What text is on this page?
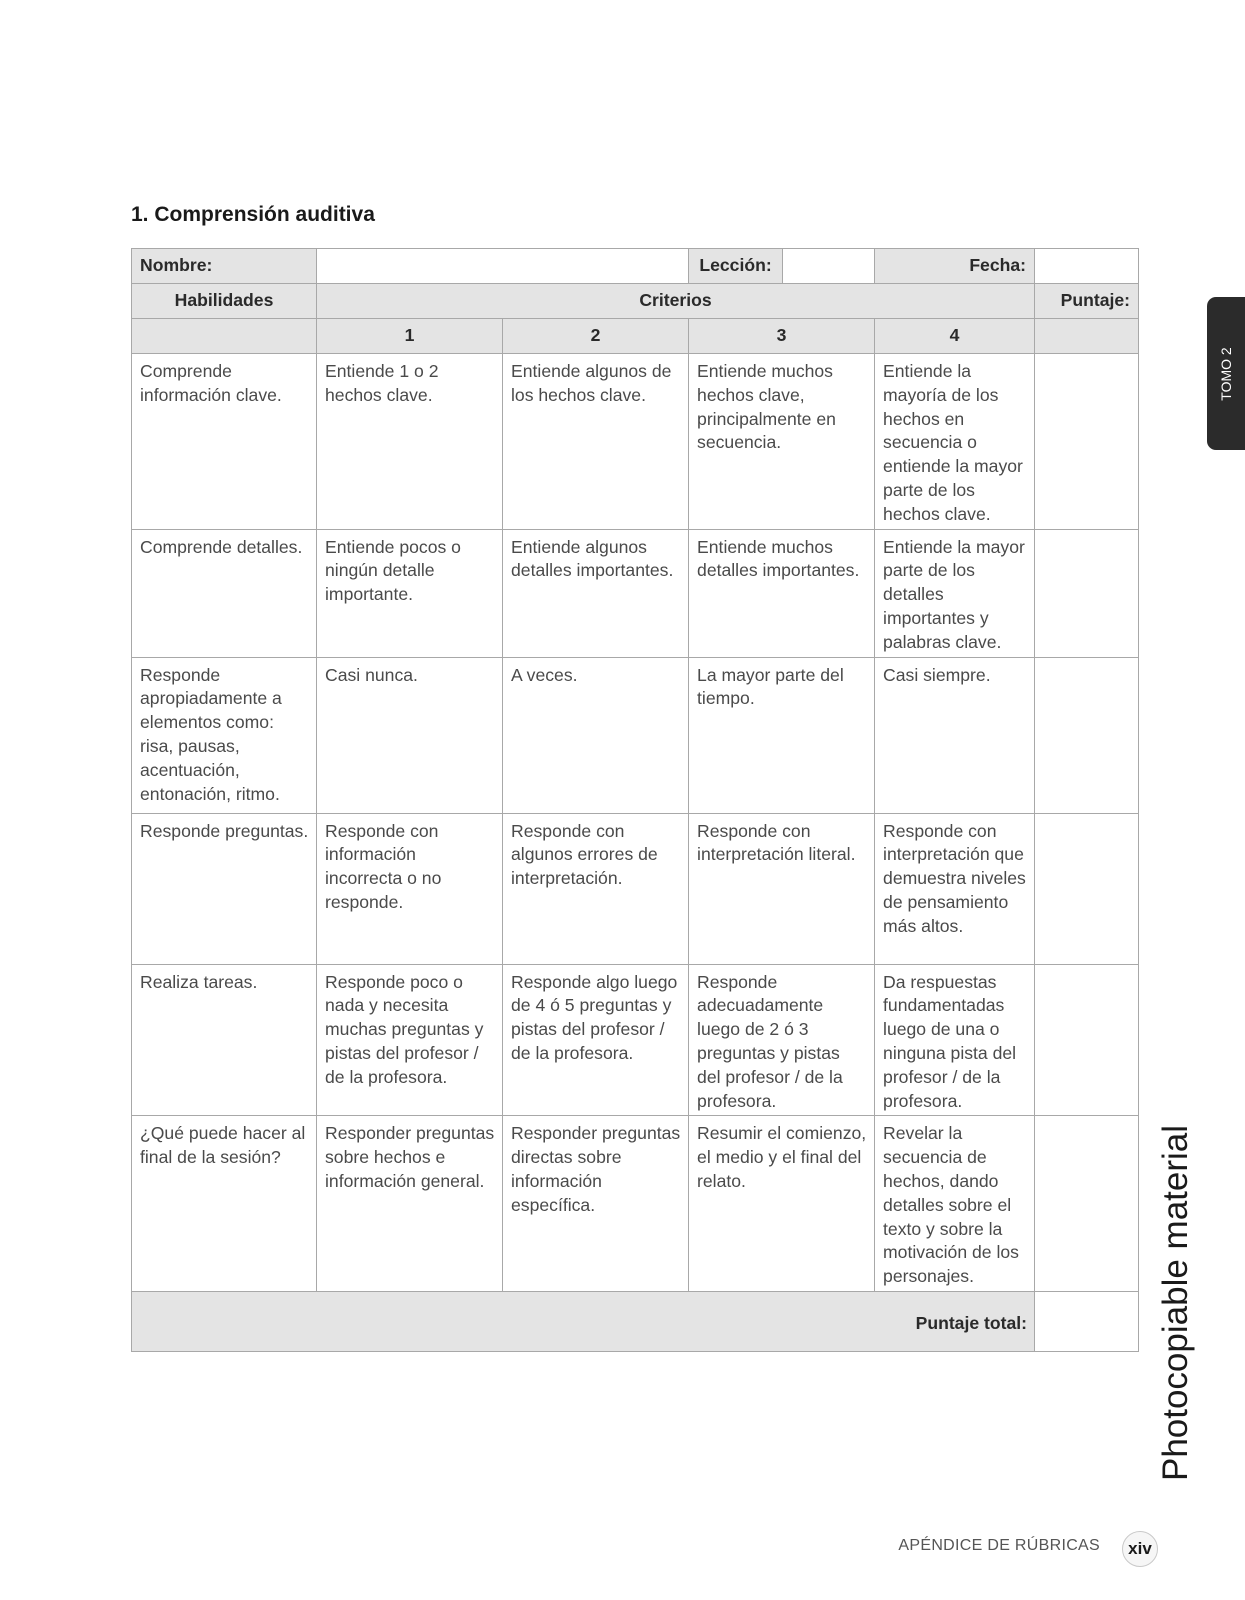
1. Comprensión auditiva
Nombre:			Lección:	Fecha:	
Habilidades	Criterios				Puntaje:
	1	2	3	4	
Comprende información clave.	Entiende 1 o 2 hechos clave.	Entiende algunos de los hechos clave.	Entiende muchos hechos clave, principalmente en secuencia.	Entiende la mayoría de los hechos en secuencia o entiende la mayor parte de los hechos clave.	
Comprende detalles.	Entiende pocos o ningún detalle importante.	Entiende algunos detalles importantes.	Entiende muchos detalles importantes.	Entiende la mayor parte de los detalles importantes y palabras clave.	
Responde apropiadamente a elementos como: risa, pausas, acentuación, entonación, ritmo.	Casi nunca.	A veces.	La mayor parte del tiempo.	Casi siempre.	
Responde preguntas.	Responde con información incorrecta o no responde.	Responde con algunos errores de interpretación.	Responde con interpretación literal.	Responde con interpretación que demuestra niveles de pensamiento más altos.	
Realiza tareas.	Responde poco o nada y necesita muchas preguntas y pistas del profesor / de la profesora.	Responde algo luego de 4 ó 5 preguntas y pistas del profesor / de la profesora.	Responde adecuadamente luego de 2 ó 3 preguntas y pistas del profesor / de la profesora.	Da respuestas fundamentadas luego de una o ninguna pista del profesor / de la profesora.	
¿Qué puede hacer al final de la sesión?	Responder preguntas sobre hechos e información general.	Responder preguntas directas sobre información específica.	Resumir el comienzo, el medio y el final del relato.	Revelar la secuencia de hechos, dando detalles sobre el texto y sobre la motivación de los personajes.	
Puntaje total:					
TOMO 2
Photocopiable material
APÉNDICE DE RÚBRICAS xiv
